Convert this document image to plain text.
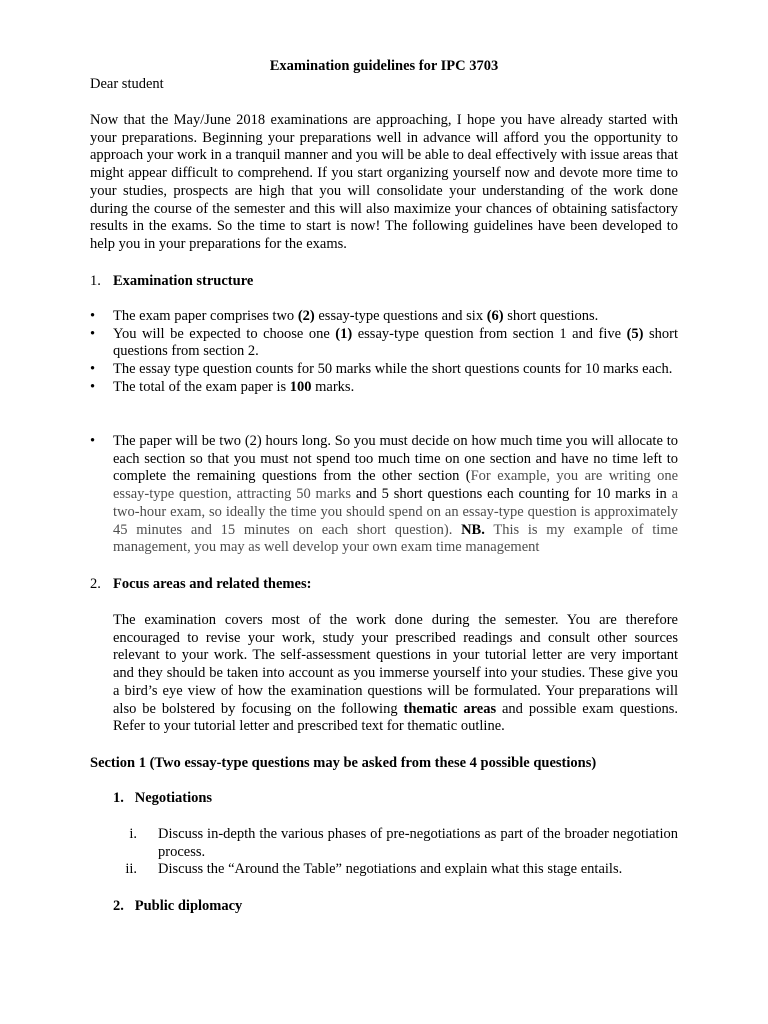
Examination guidelines for IPC 3703

Dear student

Now that the May/June 2018 examinations are approaching, I hope you have already started with your preparations. Beginning your preparations well in advance will afford you the opportunity to approach your work in a tranquil manner and you will be able to deal effectively with issue areas that might appear difficult to comprehend. If you start organizing yourself now and devote more time to your studies, prospects are high that you will consolidate your understanding of the work done during the course of the semester and this will also maximize your chances of obtaining satisfactory results in the exams. So the time to start is now! The following guidelines have been developed to help you in your preparations for the exams.

1. Examination structure
• The exam paper comprises two (2) essay-type questions and six (6) short questions.
• You will be expected to choose one (1) essay-type question from section 1 and five (5) short questions from section 2.
• The essay type question counts for 50 marks while the short questions counts for 10 marks each.
• The total of the exam paper is 100 marks.
• The paper will be two (2) hours long. So you must decide on how much time you will allocate to each section so that you must not spend too much time on one section and have no time left to complete the remaining questions from the other section (For example, you are writing one essay-type question, attracting 50 marks and 5 short questions each counting for 10 marks in a two-hour exam, so ideally the time you should spend on an essay-type question is approximately 45 minutes and 15 minutes on each short question). NB. This is my example of time management, you may as well develop your own exam time management
2. Focus areas and related themes:

The examination covers most of the work done during the semester. You are therefore encouraged to revise your work, study your prescribed readings and consult other sources relevant to your work. The self-assessment questions in your tutorial letter are very important and they should be taken into account as you immerse yourself into your studies. These give you a bird’s eye view of how the examination questions will be formulated. Your preparations will also be bolstered by focusing on the following thematic areas and possible exam questions. Refer to your tutorial letter and prescribed text for thematic outline.

Section 1 (Two essay-type questions may be asked from these 4 possible questions)

1.   Negotiations
i. Discuss in-depth the various phases of pre-negotiations as part of the broader negotiation process.
ii. Discuss the “Around the Table” negotiations and explain what this stage entails.
2.   Public diplomacy
